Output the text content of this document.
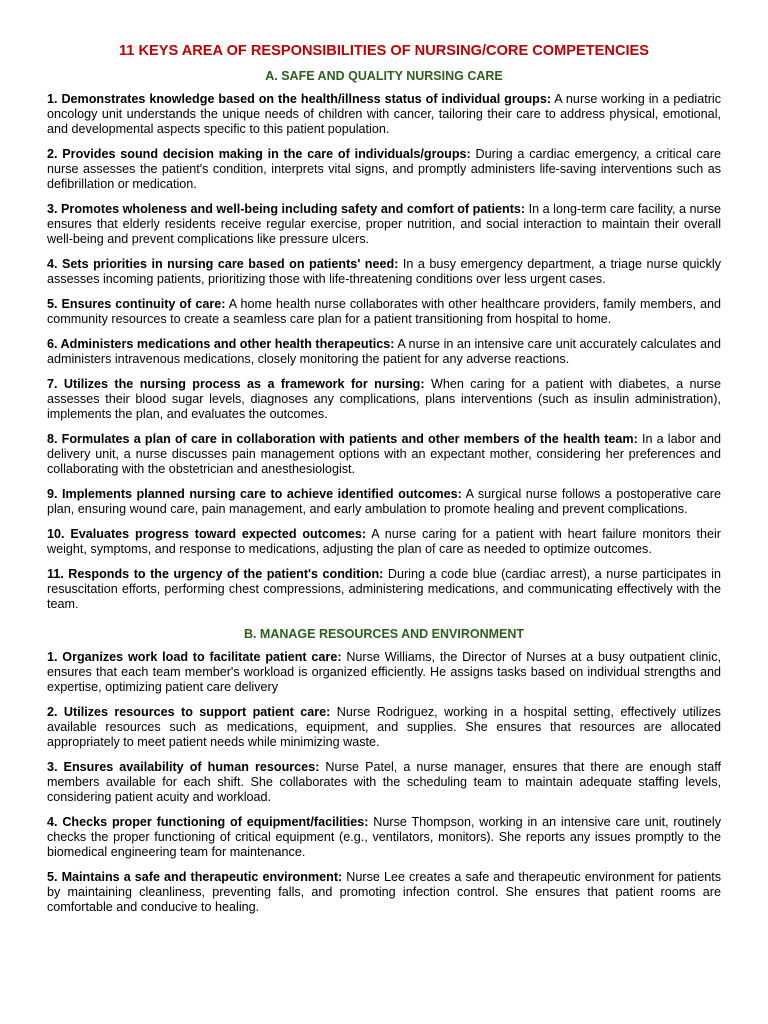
11 KEYS AREA OF RESPONSIBILITIES OF NURSING/CORE COMPETENCIES
A. SAFE AND QUALITY NURSING CARE

1. Demonstrates knowledge based on the health/illness status of individual groups: A nurse working in a pediatric oncology unit understands the unique needs of children with cancer, tailoring their care to address physical, emotional, and developmental aspects specific to this patient population.

2. Provides sound decision making in the care of individuals/groups: During a cardiac emergency, a critical care nurse assesses the patient's condition, interprets vital signs, and promptly administers life-saving interventions such as defibrillation or medication.

3. Promotes wholeness and well-being including safety and comfort of patients: In a long-term care facility, a nurse ensures that elderly residents receive regular exercise, proper nutrition, and social interaction to maintain their overall well-being and prevent complications like pressure ulcers.

4. Sets priorities in nursing care based on patients' need: In a busy emergency department, a triage nurse quickly assesses incoming patients, prioritizing those with life-threatening conditions over less urgent cases.

5. Ensures continuity of care: A home health nurse collaborates with other healthcare providers, family members, and community resources to create a seamless care plan for a patient transitioning from hospital to home.

6. Administers medications and other health therapeutics: A nurse in an intensive care unit accurately calculates and administers intravenous medications, closely monitoring the patient for any adverse reactions.

7. Utilizes the nursing process as a framework for nursing: When caring for a patient with diabetes, a nurse assesses their blood sugar levels, diagnoses any complications, plans interventions (such as insulin administration), implements the plan, and evaluates the outcomes.

8. Formulates a plan of care in collaboration with patients and other members of the health team: In a labor and delivery unit, a nurse discusses pain management options with an expectant mother, considering her preferences and collaborating with the obstetrician and anesthesiologist.

9. Implements planned nursing care to achieve identified outcomes: A surgical nurse follows a postoperative care plan, ensuring wound care, pain management, and early ambulation to promote healing and prevent complications.

10. Evaluates progress toward expected outcomes: A nurse caring for a patient with heart failure monitors their weight, symptoms, and response to medications, adjusting the plan of care as needed to optimize outcomes.

11. Responds to the urgency of the patient's condition: During a code blue (cardiac arrest), a nurse participates in resuscitation efforts, performing chest compressions, administering medications, and communicating effectively with the team.

B. MANAGE RESOURCES AND ENVIRONMENT

1. Organizes work load to facilitate patient care: Nurse Williams, the Director of Nurses at a busy outpatient clinic, ensures that each team member's workload is organized efficiently. He assigns tasks based on individual strengths and expertise, optimizing patient care delivery

2. Utilizes resources to support patient care: Nurse Rodriguez, working in a hospital setting, effectively utilizes available resources such as medications, equipment, and supplies. She ensures that resources are allocated appropriately to meet patient needs while minimizing waste.

3. Ensures availability of human resources: Nurse Patel, a nurse manager, ensures that there are enough staff members available for each shift. She collaborates with the scheduling team to maintain adequate staffing levels, considering patient acuity and workload.

4. Checks proper functioning of equipment/facilities: Nurse Thompson, working in an intensive care unit, routinely checks the proper functioning of critical equipment (e.g., ventilators, monitors). She reports any issues promptly to the biomedical engineering team for maintenance.

5. Maintains a safe and therapeutic environment: Nurse Lee creates a safe and therapeutic environment for patients by maintaining cleanliness, preventing falls, and promoting infection control. She ensures that patient rooms are comfortable and conducive to healing.
